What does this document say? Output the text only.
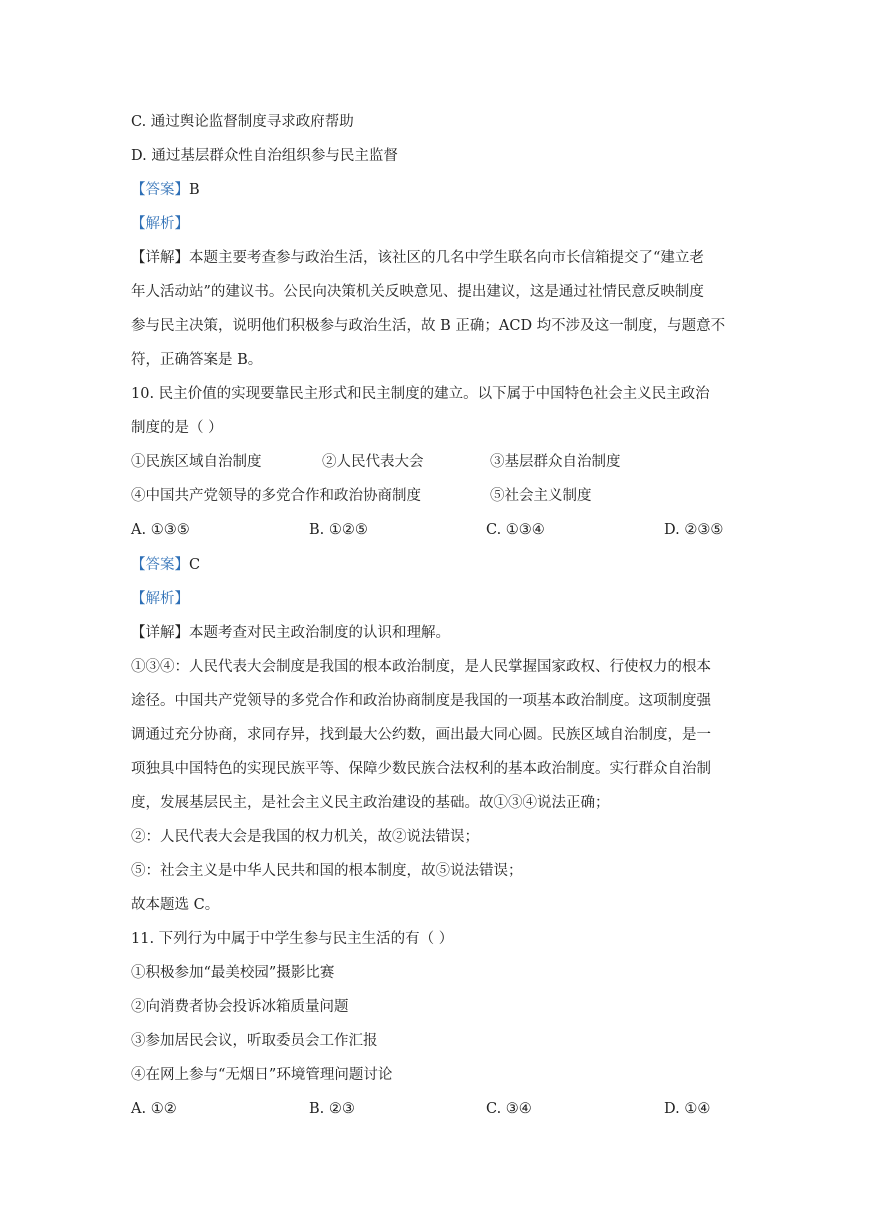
C. 通过舆论监督制度寻求政府帮助
D. 通过基层群众性自治组织参与民主监督
【答案】B
【解析】
【详解】本题主要考查参与政治生活，该社区的几名中学生联名向市长信箱提交了“建立老
年人活动站”的建议书。公民向决策机关反映意见、提出建议，这是通过社情民意反映制度
参与民主决策，说明他们积极参与政治生活，故 B 正确；ACD 均不涉及这一制度，与题意不
符，正确答案是 B。
10. 民主价值的实现要靠民主形式和民主制度的建立。以下属于中国特色社会主义民主政治
制度的是（ ）
①民族区域自治制度	②人民代表大会	③基层群众自治制度
④中国共产党领导的多党合作和政治协商制度	⑤社会主义制度
A. ①③⑤	B. ①②⑤	C. ①③④	D. ②③⑤
【答案】C
【解析】
【详解】本题考查对民主政治制度的认识和理解。
①③④：人民代表大会制度是我国的根本政治制度，是人民掌握国家政权、行使权力的根本
途径。中国共产党领导的多党合作和政治协商制度是我国的一项基本政治制度。这项制度强
调通过充分协商，求同存异，找到最大公约数，画出最大同心圆。民族区域自治制度，是一
项独具中国特色的实现民族平等、保障少数民族合法权利的基本政治制度。实行群众自治制
度，发展基层民主，是社会主义民主政治建设的基础。故①③④说法正确；
②：人民代表大会是我国的权力机关，故②说法错误；
⑤：社会主义是中华人民共和国的根本制度，故⑤说法错误；
故本题选 C。
11. 下列行为中属于中学生参与民主生活的有（ ）
①积极参加“最美校园”摄影比赛
②向消费者协会投诉冰箱质量问题
③参加居民会议，听取委员会工作汇报
④在网上参与“无烟日”环境管理问题讨论
A. ①②	B. ②③	C. ③④	D. ①④
